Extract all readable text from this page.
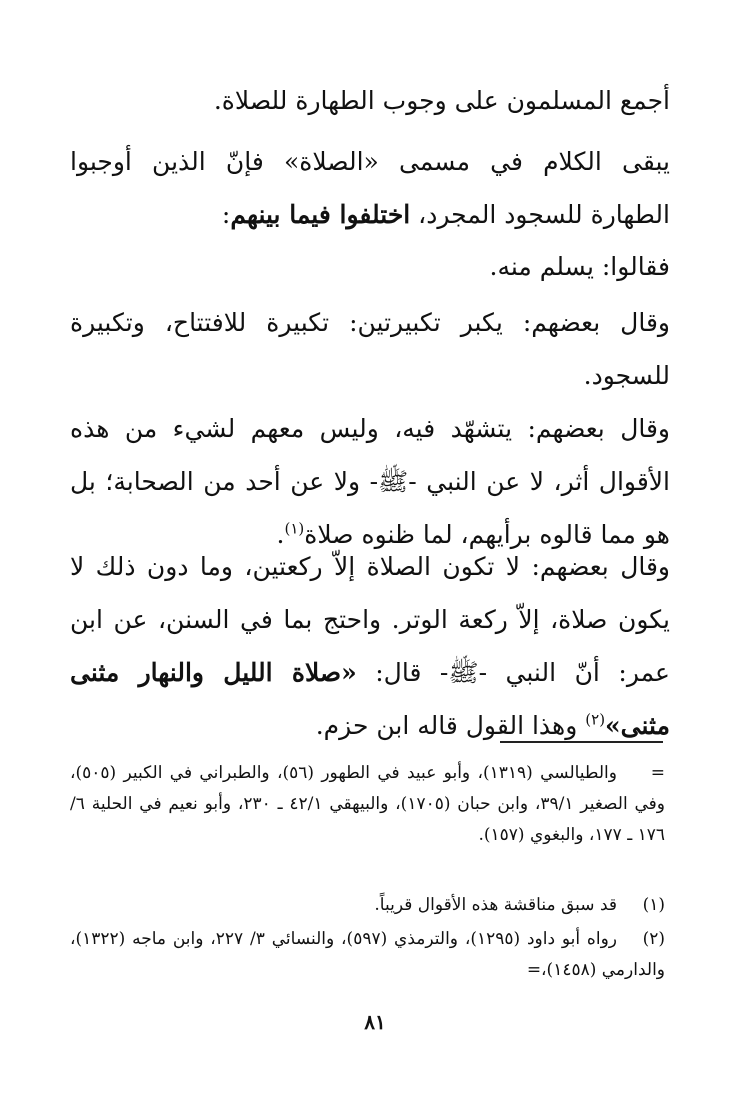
أجمع المسلمون على وجوب الطهارة للصلاة.
يبقى الكلام في مسمى «الصلاة» فإنّ الذين أوجبوا الطهارة للسجود المجرد، اختلفوا فيما بينهم:
فقالوا: يسلم منه.
وقال بعضهم: يكبر تكبيرتين: تكبيرة للافتتاح، وتكبيرة للسجود.
وقال بعضهم: يتشهّد فيه، وليس معهم لشيء من هذه الأقوال أثر، لا عن النبي -ﷺ- ولا عن أحد من الصحابة؛ بل هو مما قالوه برأيهم، لما ظنوه صلاة$^{(١)}$.
وقال بعضهم: لا تكون الصلاة إلاّ ركعتين، وما دون ذلك لا يكون صلاة، إلاّ ركعة الوتر. واحتج بما في السنن، عن ابن عمر: أنّ النبي -ﷺ- قال: «صلاة الليل والنهار مثنى مثنى»$^{(٢)}$ وهذا القول قاله ابن حزم.
=والطيالسي (١٣١٩)، وأبو عبيد في الطهور (٥٦)، والطبراني في الكبير (٥٠٥)، وفي الصغير ٣٩/١، وابن حبان (١٧٠٥)، والبيهقي ٤٢/١ ـ ٢٣٠، وأبو نعيم في الحلية ٦/ ١٧٦ ـ ١٧٧، والبغوي (١٥٧).
(١)قد سبق مناقشة هذه الأقوال قريباً.
(٢)رواه أبو داود (١٢٩٥)، والترمذي (٥٩٧)، والنسائي ٣/ ٢٢٧، وابن ماجه (١٣٢٢)، والدارمي (١٤٥٨)،=
٨١
